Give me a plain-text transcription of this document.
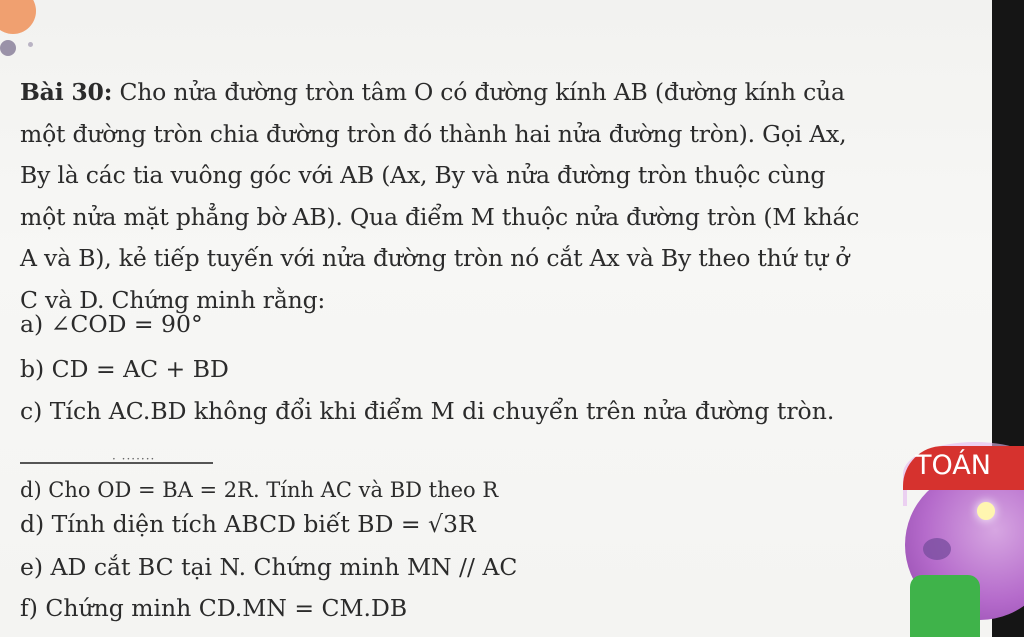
Bài 30: Cho nửa đường tròn tâm O có đường kính AB (đường kính của
một đường tròn chia đường tròn đó thành hai nửa đường tròn). Gọi Ax,
By là các tia vuông góc với AB (Ax, By và nửa đường tròn thuộc cùng
một nửa mặt phẳng bờ AB). Qua điểm M thuộc nửa đường tròn (M khác
A và B), kẻ tiếp tuyến với nửa đường tròn nó cắt Ax và By theo thứ tự ở
C và D. Chứng minh rằng:
a) ∠COD = 90°
b) CD = AC + BD
c) Tích AC.BD không đổi khi điểm M di chuyển trên nửa đường tròn.
· ·······
d) Cho OD = BA = 2R. Tính AC và BD theo R
d) Tính diện tích ABCD biết BD = √3R
e) AD cắt BC tại N. Chứng minh MN // AC
f) Chứng minh CD.MN = CM.DB
TOÁN
